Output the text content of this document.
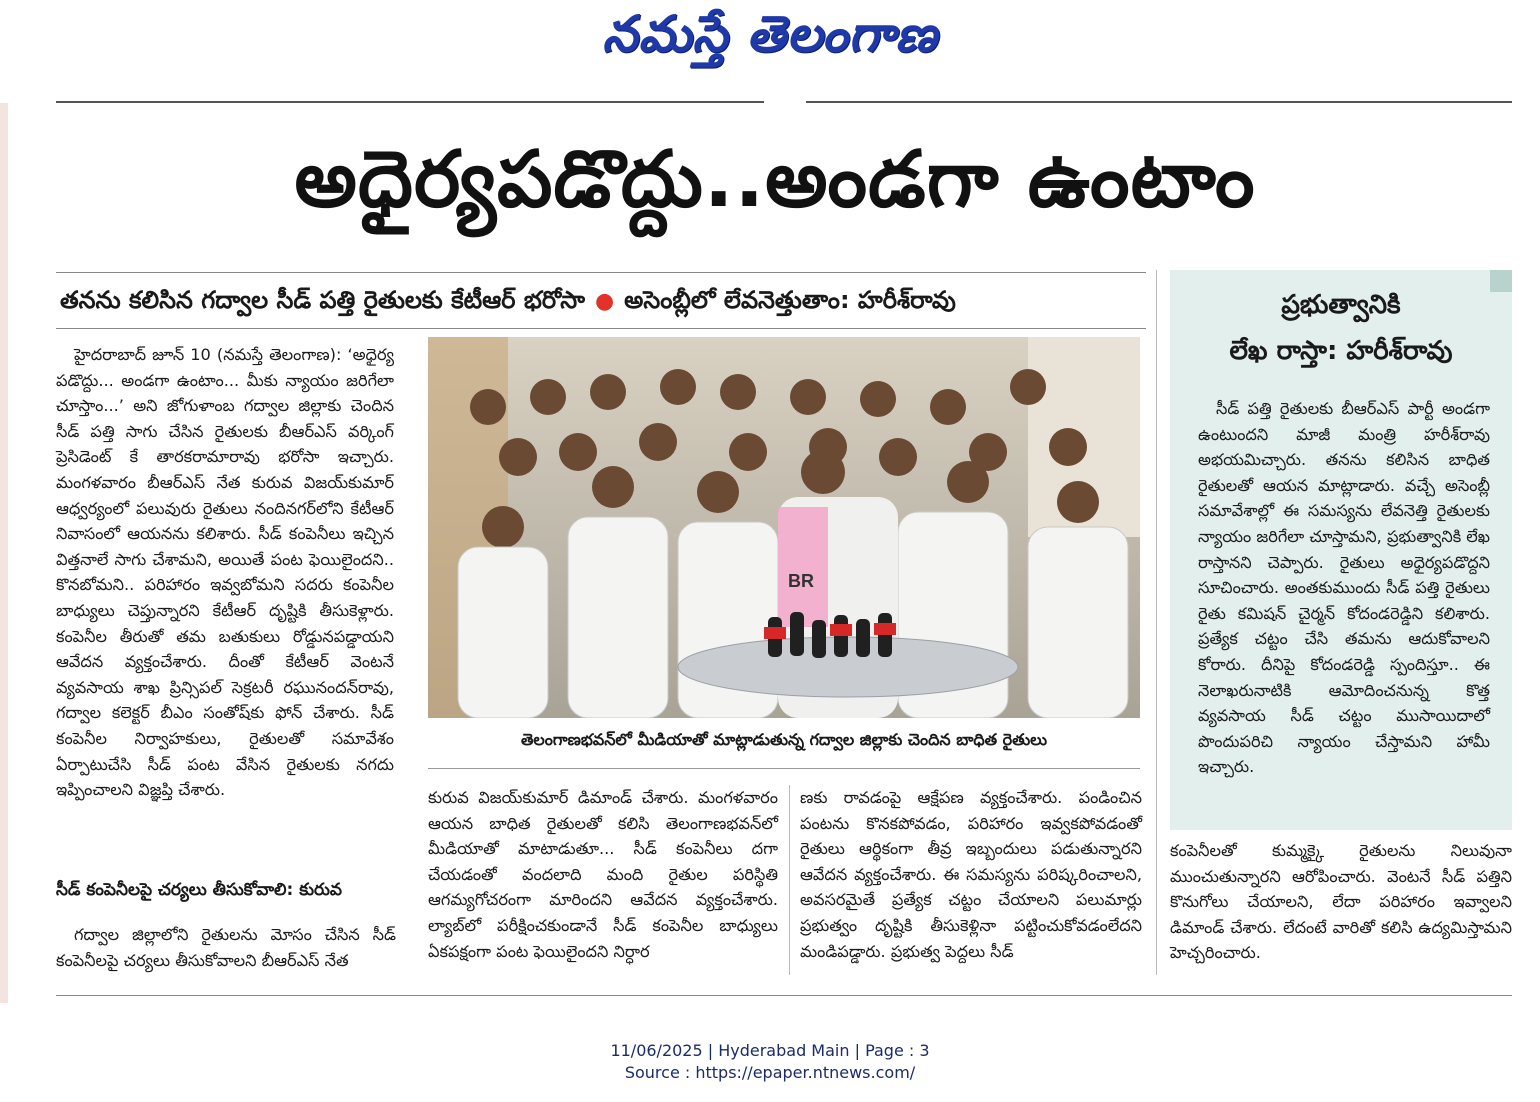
నమస్తే తెలంగాణ
అధైర్యపడొద్దు..అండగా ఉంటాం
తనను కలిసిన గద్వాల సీడ్ పత్తి రైతులకు కేటీఆర్ భరోసా ● అసెంబ్లీలో లేవనెత్తుతాం: హరీశ్‌రావు

హైదరాబాద్ జూన్ 10 (నమస్తే తెలంగాణ): ‘అధైర్య పడొద్దు... అండగా ఉంటాం... మీకు న్యాయం జరిగేలా చూస్తాం...’ అని జోగుళాంబ గద్వాల జిల్లాకు చెందిన సీడ్ పత్తి సాగు చేసిన రైతులకు బీఆర్‌ఎస్ వర్కింగ్ ప్రెసిడెంట్ కే తారకరామారావు భరోసా ఇచ్చారు. మంగళవారం బీఆర్‌ఎస్ నేత కురువ విజయ్‌కుమార్ ఆధ్వర్యంలో పలువురు రైతులు నందినగర్‌లోని కేటీఆర్ నివాసంలో ఆయనను కలిశారు. సీడ్ కంపెనీలు ఇచ్చిన విత్తనాలే సాగు చేశామని, అయితే పంట ఫెయిలైందని.. కొనబోమని.. పరిహారం ఇవ్వబోమని సదరు కంపెనీల బాధ్యులు చెప్తున్నారని కేటీఆర్ దృష్టికి తీసుకెళ్లారు. కంపెనీల తీరుతో తమ బతుకులు రోడ్డునపడ్డాయని ఆవేదన వ్యక్తంచేశారు. దీంతో కేటీఆర్ వెంటనే వ్యవసాయ శాఖ ప్రిన్సిపల్ సెక్రటరీ రఘునందన్‌రావు, గద్వాల కలెక్టర్ బీఎం సంతోష్‌కు ఫోన్ చేశారు. సీడ్ కంపెనీల నిర్వాహకులు, రైతులతో సమావేశం ఏర్పాటుచేసి సీడ్ పంట వేసిన రైతులకు నగదు ఇప్పించాలని విజ్ఞప్తి చేశారు.

సీడ్ కంపెనీలపై చర్యలు తీసుకోవాలి: కురువ

గద్వాల జిల్లాలోని రైతులను మోసం చేసిన సీడ్ కంపెనీలపై చర్యలు తీసుకోవాలని బీఆర్‌ఎస్ నేత

BR
తెలంగాణభవన్‌లో మీడియాతో మాట్లాడుతున్న గద్వాల జిల్లాకు చెందిన బాధిత రైతులు

కురువ విజయ్‌కుమార్ డిమాండ్ చేశారు. మంగళవారం ఆయన బాధిత రైతులతో కలిసి తెలంగాణభవన్‌లో మీడియాతో మాటాడుతూ... సీడ్ కంపెనీలు దగా చేయడంతో వందలాది మంది రైతుల పరిస్థితి ఆగమ్యగోచరంగా మారిందని ఆవేదన వ్యక్తంచేశారు. ల్యాబ్‌లో పరీక్షించకుండానే సీడ్ కంపెనీల బాధ్యులు ఏకపక్షంగా పంట ఫెయిలైందని నిర్ధార

ణకు రావడంపై ఆక్షేపణ వ్యక్తంచేశారు. పండించిన పంటను కొనకపోవడం, పరిహారం ఇవ్వకపోవడంతో రైతులు ఆర్థికంగా తీవ్ర ఇబ్బందులు పడుతున్నారని ఆవేదన వ్యక్తంచేశారు. ఈ సమస్యను పరిష్కరించాలని, అవసరమైతే ప్రత్యేక చట్టం చేయాలని పలుమార్లు ప్రభుత్వం దృష్టికి తీసుకెళ్లినా పట్టించుకోవడంలేదని మండిపడ్డారు. ప్రభుత్వ పెద్దలు సీడ్

ప్రభుత్వానికి
లేఖ రాస్తా: హరీశ్‌రావు

సీడ్ పత్తి రైతులకు బీఆర్‌ఎస్ పార్టీ అండగా ఉంటుందని మాజీ మంత్రి హరీశ్‌రావు అభయమిచ్చారు. తనను కలిసిన బాధిత రైతులతో ఆయన మాట్లాడారు. వచ్చే అసెంబ్లీ సమావేశాల్లో ఈ సమస్యను లేవనెత్తి రైతులకు న్యాయం జరిగేలా చూస్తామని, ప్రభుత్వానికి లేఖ రాస్తానని చెప్పారు. రైతులు అధైర్యపడొద్దని సూచించారు. అంతకుముందు సీడ్ పత్తి రైతులు రైతు కమిషన్ చైర్మన్ కోదండరెడ్డిని కలిశారు. ప్రత్యేక చట్టం చేసి తమను ఆదుకోవాలని కోరారు. దీనిపై కోదండరెడ్డి స్పందిస్తూ.. ఈ నెలాఖరునాటికి ఆమోదించనున్న కొత్త వ్యవసాయ సీడ్ చట్టం ముసాయిదాలో పొందుపరిచి న్యాయం చేస్తామని హామీ ఇచ్చారు.

కంపెనీలతో కుమ్మక్కై రైతులను నిలువునా ముంచుతున్నారని ఆరోపించారు. వెంటనే సీడ్ పత్తిని కొనుగోలు చేయాలని, లేదా పరిహారం ఇవ్వాలని డిమాండ్ చేశారు. లేదంటే వారితో కలిసి ఉద్యమిస్తామని హెచ్చరించారు.

11/06/2025 | Hyderabad Main | Page : 3
Source : https://epaper.ntnews.com/
